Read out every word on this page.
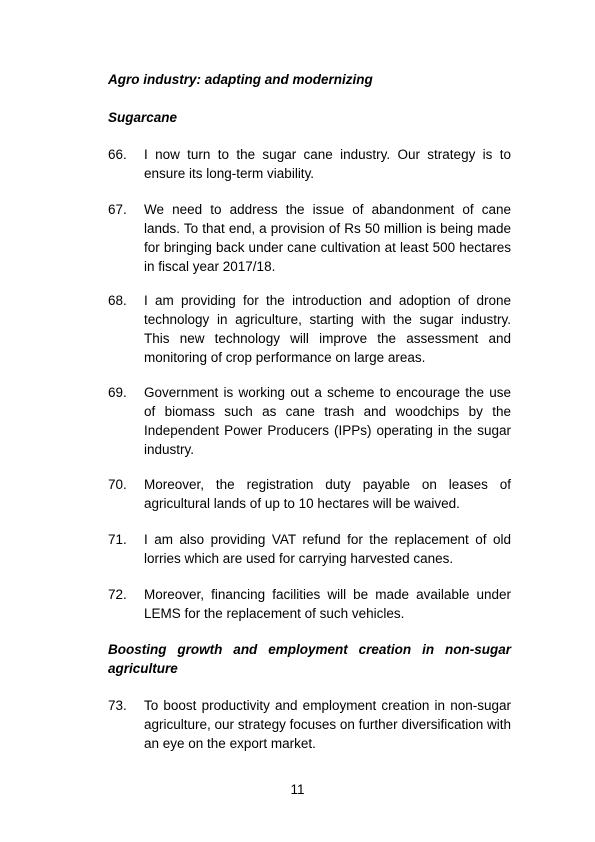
Agro industry: adapting and modernizing
Sugarcane
66.	I now turn to the sugar cane industry. Our strategy is to ensure its long-term viability.
67.	We need to address the issue of abandonment of cane lands. To that end, a provision of Rs 50 million is being made for bringing back under cane cultivation at least 500 hectares in fiscal year 2017/18.
68.	I am providing for the introduction and adoption of drone technology in agriculture, starting with the sugar industry. This new technology will improve the assessment and monitoring of crop performance on large areas.
69.	Government is working out a scheme to encourage the use of biomass such as cane trash and woodchips by the Independent Power Producers (IPPs) operating in the sugar industry.
70.	Moreover, the registration duty payable on leases of agricultural lands of up to 10 hectares will be waived.
71.	I am also providing VAT refund for the replacement of old lorries which are used for carrying harvested canes.
72.	Moreover, financing facilities will be made available under LEMS for the replacement of such vehicles.
Boosting growth and employment creation in non-sugar agriculture
73.	To boost productivity and employment creation in non-sugar agriculture, our strategy focuses on further diversification with an eye on the export market.
11
